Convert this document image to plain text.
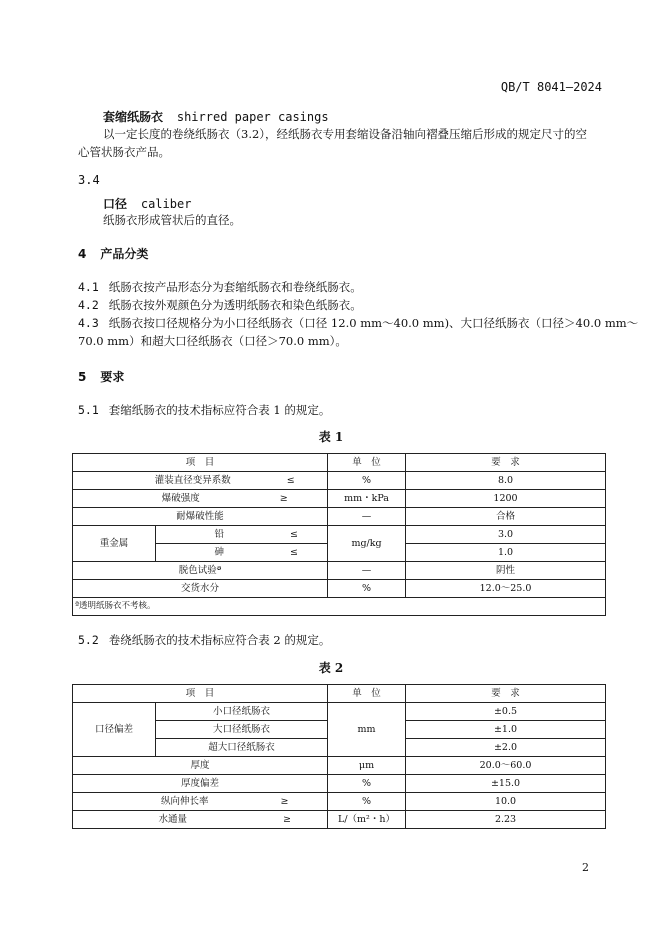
QB/T 8041—2024
套缩纸肠衣 shirred paper casings
以一定长度的卷绕纸肠衣（3.2），经纸肠衣专用套缩设备沿轴向褶叠压缩后形成的规定尺寸的空
心管状肠衣产品。
3.4
口径 caliber
纸肠衣形成管状后的直径。
4 产品分类
4.1 纸肠衣按产品形态分为套缩纸肠衣和卷绕纸肠衣。
4.2 纸肠衣按外观颜色分为透明纸肠衣和染色纸肠衣。
4.3 纸肠衣按口径规格分为小口径纸肠衣（口径 12.0 mm～40.0 mm)、大口径纸肠衣（口径＞40.0 mm～
70.0 mm）和超大口径纸肠衣（口径＞70.0 mm）。
5 要求
5.1 套缩纸肠衣的技术指标应符合表 1 的规定。
表 1
项　目			单　位	要　求
灌装直径变异系数 ≤			%	8.0
爆破强度 ≥			mm・kPa	1200
耐爆破性能			—	合格
重金属	铅 ≤		mg/kg	3.0
	砷 ≤			1.0
脱色试验ª			—	阴性
交货水分			%	12.0～25.0
ª透明纸肠衣不考核。				
5.2 卷绕纸肠衣的技术指标应符合表 2 的规定。
表 2
项　目			单　位	要　求
口径偏差	小口径纸肠衣		mm	±0.5
	大口径纸肠衣			±1.0
	超大口径纸肠衣			±2.0
厚度			μm	20.0～60.0
厚度偏差			%	±15.0
纵向伸长率 ≥			%	10.0
水通量 ≥			L/（m²・h）	2.23
2
